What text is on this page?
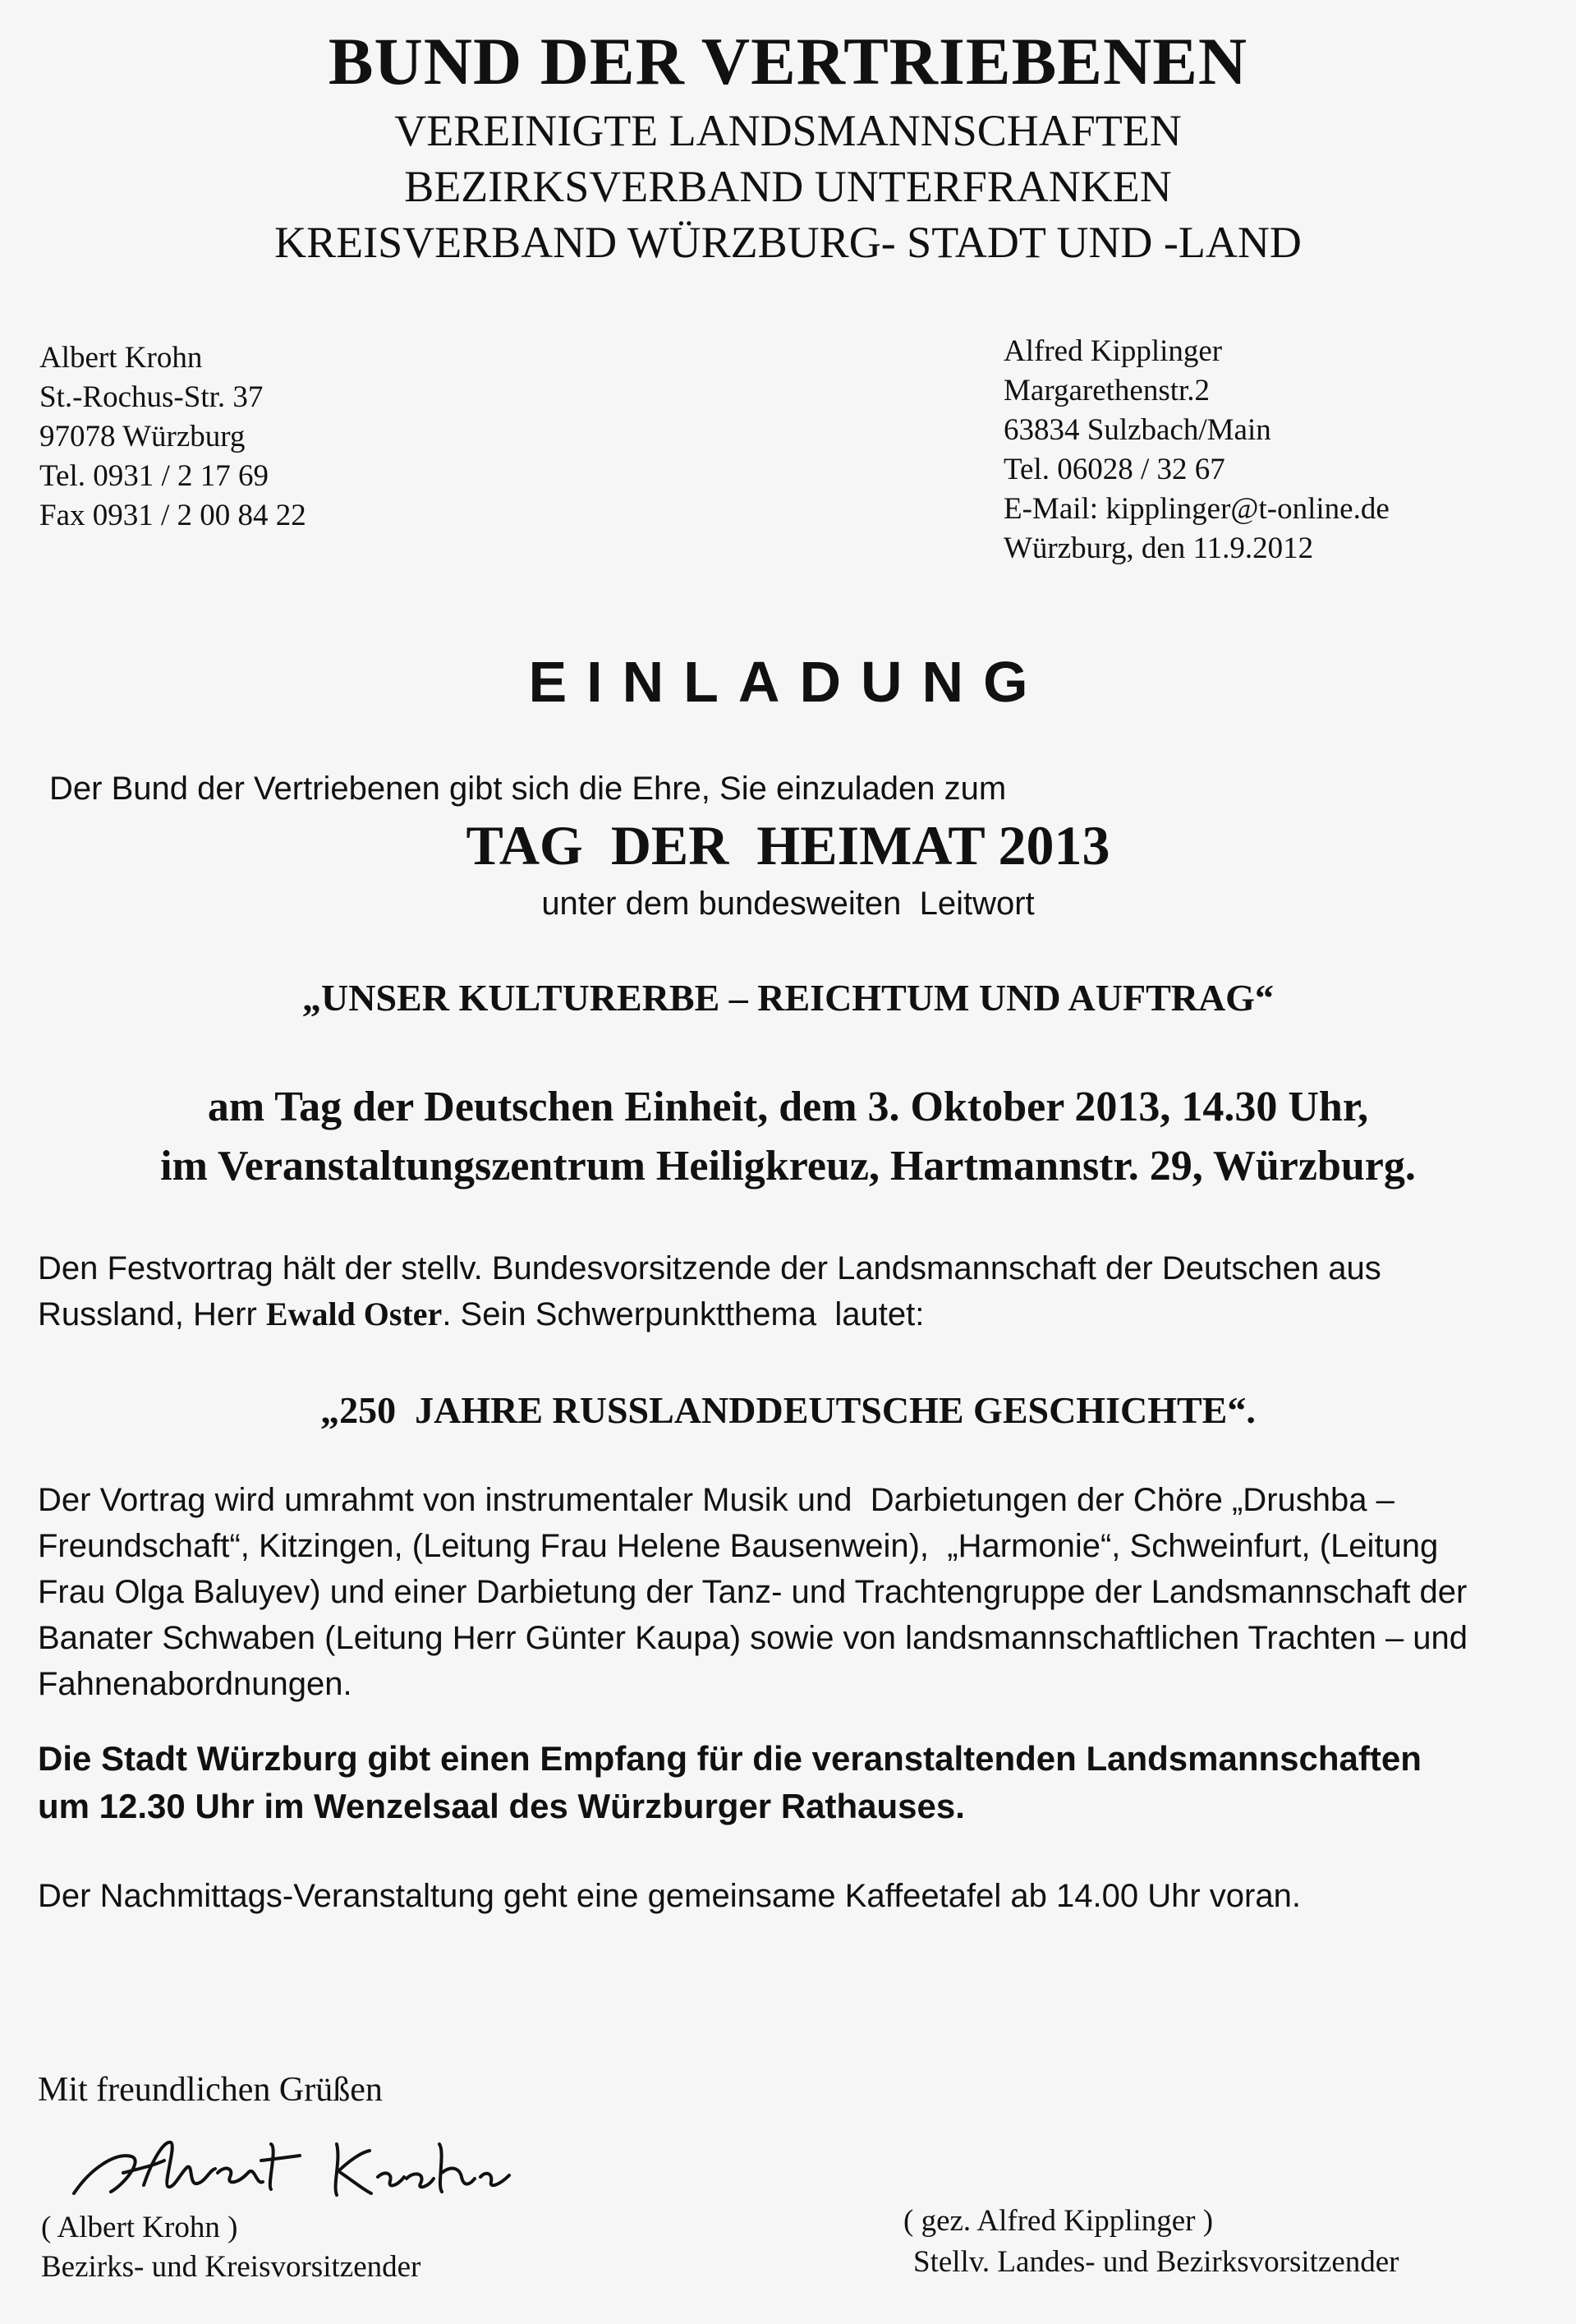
BUND DER VERTRIEBENEN
VEREINIGTE LANDSMANNSCHAFTEN
BEZIRKSVERBAND UNTERFRANKEN
KREISVERBAND WÜRZBURG- STADT UND -LAND
Albert Krohn
St.-Rochus-Str. 37
97078 Würzburg
Tel. 0931 / 2 17 69
Fax 0931 / 2 00 84 22
Alfred Kipplinger
Margarethenstr.2
63834 Sulzbach/Main
Tel. 06028 / 32 67
E-Mail: kipplinger@t-online.de
Würzburg, den 11.9.2012
EINLADUNG
Der Bund der Vertriebenen gibt sich die Ehre, Sie einzuladen zum
TAG  DER  HEIMAT 2013
unter dem bundesweiten  Leitwort
„UNSER KULTURERBE – REICHTUM UND AUFTRAG“
am Tag der Deutschen Einheit, dem 3. Oktober 2013, 14.30 Uhr,
im Veranstaltungszentrum Heiligkreuz, Hartmannstr. 29, Würzburg.
Den Festvortrag hält der stellv. Bundesvorsitzende der Landsmannschaft der Deutschen aus
Russland, Herr Ewald Oster. Sein Schwerpunktthema  lautet:
„250  JAHRE RUSSLANDDEUTSCHE GESCHICHTE“.
Der Vortrag wird umrahmt von instrumentaler Musik und  Darbietungen der Chöre „Drushba –
Freundschaft“, Kitzingen, (Leitung Frau Helene Bausenwein),  „Harmonie“, Schweinfurt, (Leitung
Frau Olga Baluyev) und einer Darbietung der Tanz- und Trachtengruppe der Landsmannschaft der
Banater Schwaben (Leitung Herr Günter Kaupa) sowie von landsmannschaftlichen Trachten – und
Fahnenabordnungen.
Die Stadt Würzburg gibt einen Empfang für die veranstaltenden Landsmannschaften
um 12.30 Uhr im Wenzelsaal des Würzburger Rathauses.
Der Nachmittags-Veranstaltung geht eine gemeinsame Kaffeetafel ab 14.00 Uhr voran.
Mit freundlichen Grüßen
( Albert Krohn )
Bezirks- und Kreisvorsitzender
( gez. Alfred Kipplinger )
Stellv. Landes- und Bezirksvorsitzender
